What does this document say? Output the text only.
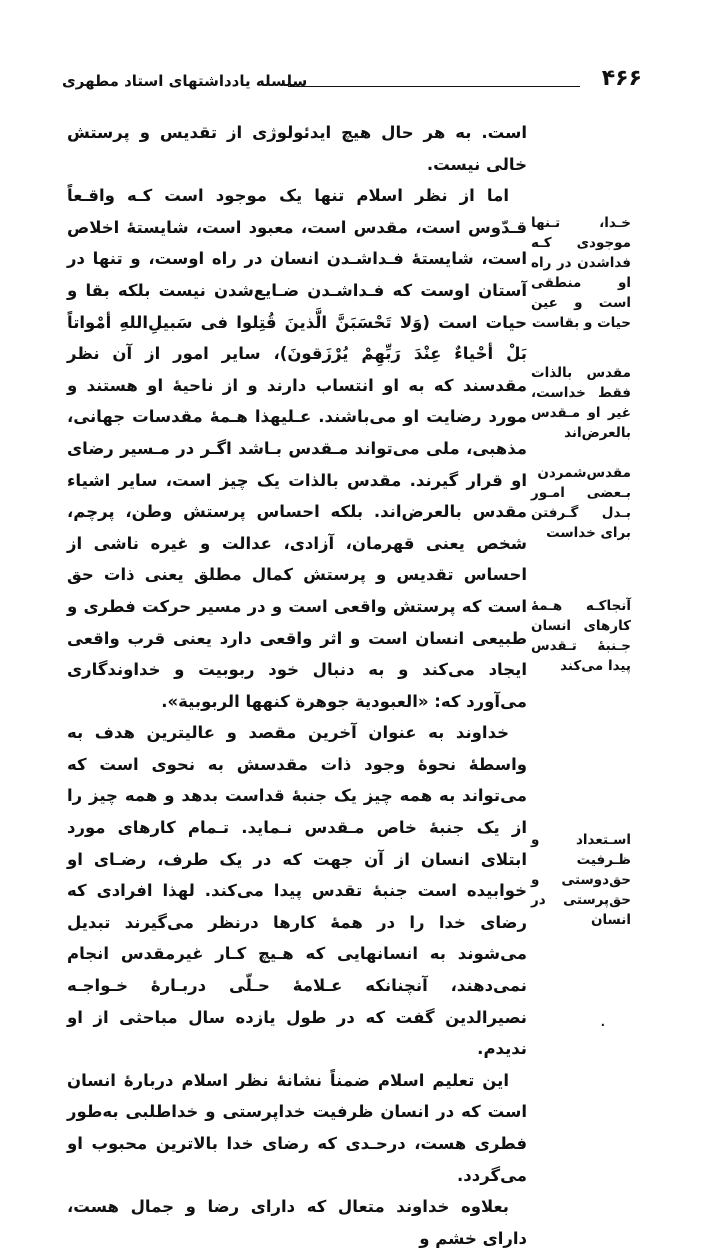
۴۶۶
سلسله یادداشتهای استاد مطهری

است. به هر حال هیچ ایدئولوژی از تقدیس و پرستش خالی نیست.

اما از نظر اسلام تنها یک موجود است کـه واقـعاً قـدّوس است، مقدس است، معبود است، شایستهٔ اخلاص است، شایستهٔ فـداشـدن انسان در راه اوست، و تنها در آستان اوست که فـداشـدن ضـایع‌شدن نیست بلکه بقا و حیات است (وَلا تَحْسَبَنَّ الَّذینَ قُتِلوا فی سَبیلِ‌اللهِ أمْواتاً بَلْ أحْیاءٌ عِنْدَ رَبِّهِمْ یُرْزَقونَ)، سایر امور از آن نظر مقدسند که به او انتساب دارند و از ناحیهٔ او هستند و مورد رضایت او می‌باشند. عـلیهذا هـمهٔ مقدسات جهانی، مذهبی، ملی می‌تواند مـقدس بـاشد اگـر در مـسیر رضای او قرار گیرند. مقدس بالذات یک چیز است، سایر اشیاء مقدس بالعرض‌اند. بلکه احساس پرستش وطن، پرچم، شخص یعنی قهرمان، آزادی، عدالت و غیره ناشی از احساس تقدیس و پرستش کمال مطلق یعنی ذات حق است که پرستش واقعی است و در مسیر حرکت فطری و طبیعی انسان است و اثر واقعی دارد یعنی قرب واقعی ایجاد می‌کند و به دنبال خود ربوبیت و خداوندگاری می‌آورد که: «العبودیة جوهرة کنهها الربوبیة».

خداوند به عنوان آخرین مقصد و عالیترین هدف به واسطهٔ نحوهٔ وجود ذات مقدسش به نحوی است که می‌تواند به همه چیز یک جنبهٔ قداست بدهد و همه چیز را از یک جنبهٔ خاص مـقدس نـماید. تـمام کارهای مورد ابتلای انسان از آن جهت که در یک طرف، رضـای او خوابیده است جنبهٔ تقدس پیدا می‌کند. لهذا افرادی که رضای خدا را در همهٔ کارها درنظر می‌گیرند تبدیل می‌شوند به انسانهایی که هـیچ کـار غیرمقدس انجام نمی‌دهند، آنچنانکه عـلامهٔ حـلّی دربـارهٔ خـواجـه نصیرالدین گفت که در طول یازده سال مباحثی از او ندیدم.

این تعلیم اسلام ضمناً نشانهٔ نظر اسلام دربارهٔ انسان است که در انسان ظرفیت خداپرستی و خداطلبی به‌طور فطری هست، درحـدی که رضای خدا بالاترین محبوب او می‌گردد.

بعلاوه خداوند متعال که دارای رضا و جمال هست، دارای خشم و

خـدا، تـنها موجودی کـه فداشدن در راه او منطقی است و عین حیات و بقاست
مقدس بالذات فقط خداست، غیر او مـقدس بالعرض‌اند
مقدس‌شمردن بـعضی امـور بـدل گـرفتن برای خداست
آنجاکـه هـمهٔ کارهای انسان جـنبهٔ تـقدس پیدا می‌کند
اسـتعداد و ظـرفیت حق‌دوستی و حق‌پرستی در انسان
.
